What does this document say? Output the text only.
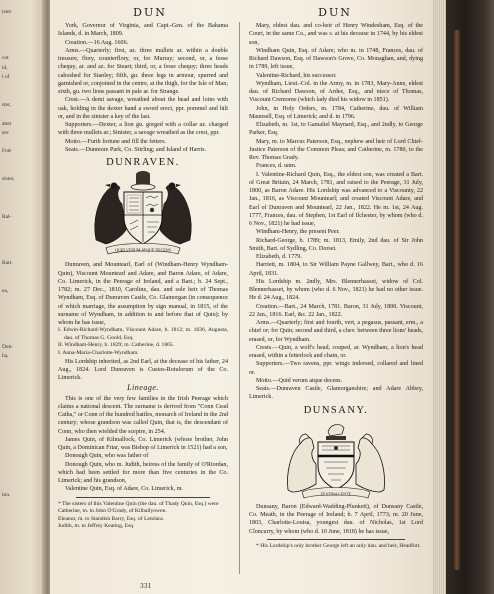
ister
cot
id,
l of
ster,
atter
ere
Fod-
sister,
Ral-
Bart.
ea,
Dun-
ha,
ton.
DUN	DUN

York, Governor of Virginia, and Capt.-Gen. of the Bahama Islands, d. in March, 1809.

Creation.—16 Aug. 1606.

Arms.—Quarterly; first, az. three mullets ar. within a double tressure, flory, counterflory, or, for Murray; second, or, a fesse chequy, ar. and az. for Stuart; third, or, a fesse chequy; three heads caboshed for Stanley; fifth, gu. three legs in armour, spurred and garnished or, conjoined in the centre, at the thigh, for the Isle of Man; sixth, gu. two lions passant in pale ar. for Strange.

Crest.—A demi savage, wreathed about the head and loins with oak, holding in the dexter hand a sword erect, ppr. pommel and hilt or, and in the sinister a key of the last.

Supporters.—Dexter, a lion gu. gorged with a collar az. charged with three mullets ar.; Sinister, a savage wreathed as the crest, ppr.

Motto.—Furth fortune and fill the fetters.

Seats.—Dunmore Park, Co. Stirling; and Island of Harris.

DUNRAVEN.
QUID VERUM ATQUE DECENS

Dunraven, and Mountearl, Earl of (Windham-Henry Wyndham-Quin), Viscount Mountearl and Adare, and Baron Adare, of Adare, Co. Limerick, in the Peerage of Ireland, and a Bart.; b. 24 Sept., 1782; m. 27 Dec., 1810, Caroline, dau. and sole heir of Thomas Wyndham, Esq. of Dunraven Castle, Co. Glamorgan (in consequence of which marriage, the assumption by sign manual, in 1815, of the surname of Wyndham, in addition to and before that of Quin); by whom he has issue,

I. Edwin-Richard-Wyndham, Viscount Adare, b. 1812; m. 1836, Augusta, dau. of Thomas G. Goold, Esq.

II. Windham-Henry, b. 1829; m. Catherine, d. 1865.

I. Anna-Maria-Charlotte-Wyndham.

His Lordship inherited, as 2nd Earl, at the decease of his father, 24 Aug., 1824. Lord Dunraven is Custos-Rotulorum of the Co. Limerick.

Lineage.

This is one of the very few families in the Irish Peerage which claims a national descent. The surname is derived from "Conn Cead Catha," or Conn of the hundred battles, monarch of Ireland in the 2nd century; whose grandson was called Quin, that is, the descendant of Conn, who then wielded the sceptre, in 254.

James Quin, of Kilmallock, Co. Limerick (whose brother, John Quin, a Dominican Friar, was Bishop of Limerick in 1521) had a son,

Donough Quin, who was father of

Donough Quin, who m. Judith, heiress of the family of O'Riordan, which had been settled for more than five centuries in the Co. Limerick; and his grandson,

Valentine Quin, Esq. of Adare, Co. Limerick, m.

* The sisters of this Valentine Quin (the dau. of Thady Quin, Esq.) were

Catherine, m. to John O'Grady, of Kilballyowen.

Eleanor, m. to Standish Barry, Esq. of Lemlara.

Judith, m. to Jeffrey Keating, Esq.

Mary, eldest dau. and co-heir of Henry Windesham, Esq. of the Court, in the same Co., and was s. at his decease in 1744, by his eldest son,

Windham Quin, Esq. of Adare; who m. in 1748, Frances, dau. of Richard Dawson, Esq. of Dawson's Grove, Co. Monaghan, and, dying in 1789, left issue,

Valentine-Richard, his successor.

Wyndham, Lieut.-Col. in the Army, m. in 1783, Mary-Anne, eldest dau. of Richard Dawson, of Ardee, Esq., and niece of Thomas, Viscount Cremorne (which lady died his widow in 1851).

John, in Holy Orders, m. 1784, Catherine, dau. of William Maunsell, Esq. of Limerick; and d. in 1796.

Elizabeth, m. 1st, to Gamaliel Maynard, Esq., and 2ndly, to George Parker, Esq.

Mary, m. to Marcus Paterson, Esq., nephew and heir of Lord Chief-Justice Paterson of the Common Pleas; and Catherine, m. 1780, to the Rev. Thomas Grady.

Frances, d. unm.

I. Valentine-Richard Quin, Esq., the eldest son, was created a Bart. of Great Britain, 24 March, 1781, and raised to the Peerage, 31 July, 1800, as Baron Adare. His Lordship was advanced to a Viscounty, 22 Jan., 1816, as Viscount Mountearl; and created Viscount Adare, and Earl of Dunraven and Mountearl, 22 Jan., 1822. He m. 1st, 24 Aug. 1777, Frances, dau. of Stephen, 1st Earl of Ilchester, by whom (who d. 6 Nov., 1821) he had issue,

Windham-Henry, the present Peer.

Richard-George, b. 1789; m. 1813, Emily, 2nd dau. of Sir John Smith, Bart. of Sydling, Co. Dorset.

Elizabeth, d. 1779.

Harriett, m. 1804, to Sir William Payne Gallwey, Bart., who d. 16 April, 1831.

His Lordship m. 2ndly, Mrs. Blennerhasset, widow of Col. Blennerhasset, by whom (who d. 6 Nov., 1821) he had no other issue. He d. 24 Aug., 1824.

Creation.—Bart., 24 March, 1781. Baron, 31 July, 1800. Viscount, 22 Jan., 1816. Earl, &c. 22 Jan., 1822.

Arms.—Quarterly; first and fourth, vert, a pegasus, passant, erm., a chief or; for Quin; second and third, a chev. between three lions' heads, erased, or, for Wyndham.

Crests.—Quin, a wolf's head, couped, ar. Wyndham, a lion's head erased, within a fetterlock and chain, or.

Supporters.—Two ravens, ppr. wings indorsed, collared and lined or.

Motto.—Quid verum atque decens.

Seats.—Dunraven Castle, Glamorganshire; and Adare Abbey, Limerick.

DUNSANY.
FESTINA LENTE

Dunsany, Baron (Edward-Wadding-Plunkett), of Dunsany Castle, Co. Meath, in the Peerage of Ireland; b. 7 April, 1773; m. 20 June, 1803, Charlotte-Louisa, youngest dau. of Nicholas, 1st Lord Cloncurry, by whom (who d. 10 June, 1818) he has issue,

* His Lordship's only brother George left an only dau. and heir, Headfort.

331
